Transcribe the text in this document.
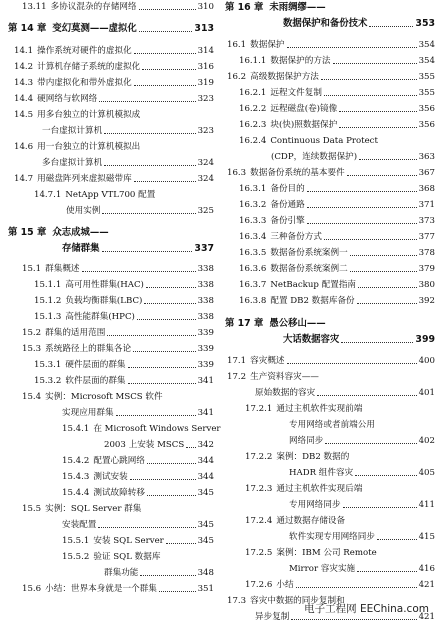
13.11 多协议混杂的存储网络	310
第 14 章 变幻莫测——虚拟化	313
14.1 操作系统对硬件的虚拟化	314
14.2 计算机存储子系统的虚拟化	316
14.3 带内虚拟化和带外虚拟化	319
14.4 硬网络与软网络	323
14.5 用多台独立的计算机模拟成
一台虚拟计算机	323
14.6 用一台独立的计算机模拟出
多台虚拟计算机	324
14.7 用磁盘阵列来虚拟磁带库	324
14.7.1 NetApp VTL700 配置
使用实例	325
第 15 章 众志成城——
存储群集	337
15.1 群集概述	338
15.1.1 高可用性群集(HAC)	338
15.1.2 负载均衡群集(LBC)	338
15.1.3 高性能群集(HPC)	338
15.2 群集的适用范围	339
15.3 系统路径上的群集各论	339
15.3.1 硬件层面的群集	339
15.3.2 软件层面的群集	341
15.4 实例：Microsoft MSCS 软件
实现应用群集	341
15.4.1 在 Microsoft Windows Server
2003 上安装 MSCS 342
15.4.2 配置心跳网络	344
15.4.3 测试安装	344
15.4.4 测试故障转移	345
15.5 实例：SQL Server 群集
安装配置	345
15.5.1 安装 SQL Server	345
15.5.2 验证 SQL 数据库
群集功能	348
15.6 小结：世界本身就是一个群集	351
第 16 章 未雨绸缪——
数据保护和备份技术	353
16.1 数据保护	354
16.1.1 数据保护的方法	354
16.2 高级数据保护方法	355
16.2.1 远程文件复制	355
16.2.2 远程磁盘(卷)镜像	356
16.2.3 块(快)照数据保护	356
16.2.4 Continuous Data Protect
(CDP，连续数据保护)	363
16.3 数据备份系统的基本要件	367
16.3.1 备份目的	368
16.3.2 备份通路	371
16.3.3 备份引擎	373
16.3.4 三种备份方式	377
16.3.5 数据备份系统案例一	378
16.3.6 数据备份系统案例二	379
16.3.7 NetBackup 配置指南	380
16.3.8 配置 DB2 数据库备份	392
第 17 章 愚公移山——
大话数据容灾	399
17.1 容灾概述	400
17.2 生产资料容灾——
原始数据的容灾	401
17.2.1 通过主机软件实现前端
专用网络或者前端公用
网络同步	402
17.2.2 案例：DB2 数据的
HADR 组件容灾	405
17.2.3 通过主机软件实现后端
专用网络同步	411
17.2.4 通过数据存储设备
软件实现专用网络同步	415
17.2.5 案例：IBM 公司 Remote
Mirror 容灾实施	416
17.2.6 小结	421
17.3 容灾中数据的同步复制和
异步复制	421
电子工程网 EEChina.com
